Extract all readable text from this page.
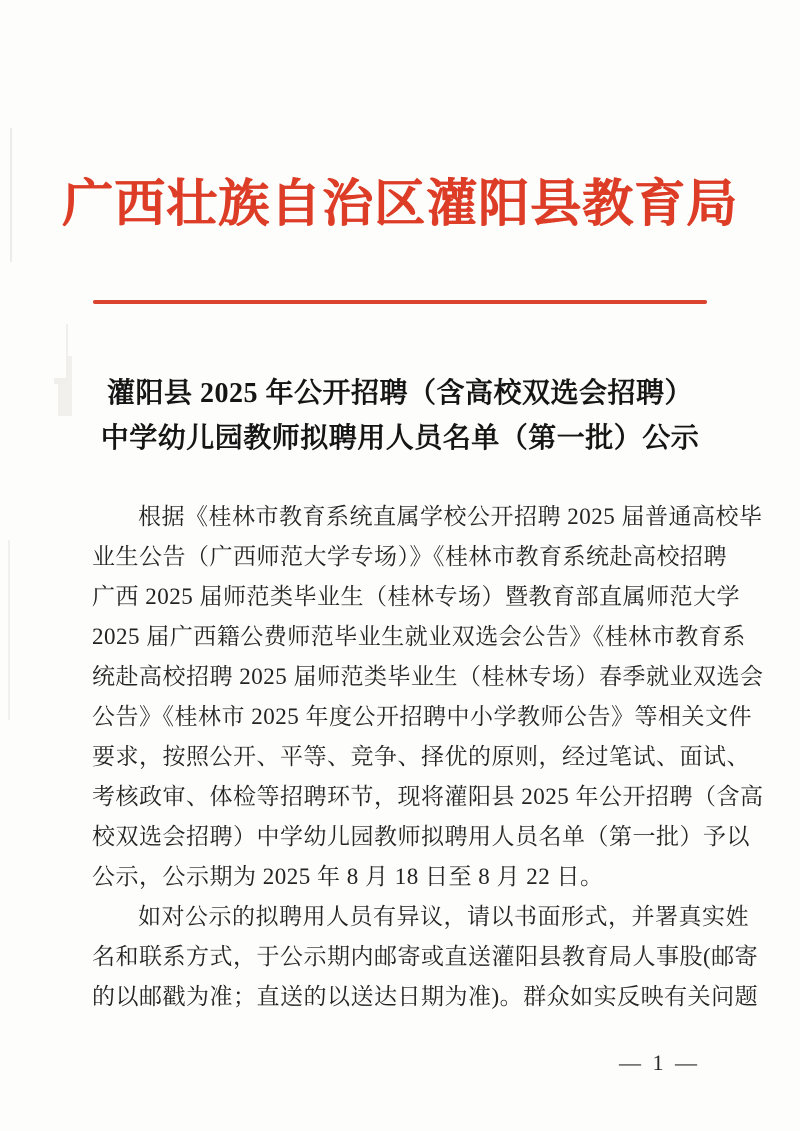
广西壮族自治区灌阳县教育局
灌阳县 2025 年公开招聘（含高校双选会招聘）
中学幼儿园教师拟聘用人员名单（第一批）公示
根据《桂林市教育系统直属学校公开招聘 2025 届普通高校毕
业生公告（广西师范大学专场）》《桂林市教育系统赴高校招聘
广西 2025 届师范类毕业生（桂林专场）暨教育部直属师范大学
2025 届广西籍公费师范毕业生就业双选会公告》《桂林市教育系
统赴高校招聘 2025 届师范类毕业生（桂林专场）春季就业双选会
公告》《桂林市 2025 年度公开招聘中小学教师公告》等相关文件
要求，按照公开、平等、竞争、择优的原则，经过笔试、面试、
考核政审、体检等招聘环节，现将灌阳县 2025 年公开招聘（含高
校双选会招聘）中学幼儿园教师拟聘用人员名单（第一批）予以
公示，公示期为 2025 年 8 月 18 日至 8 月 22 日。
如对公示的拟聘用人员有异议，请以书面形式，并署真实姓
名和联系方式，于公示期内邮寄或直送灌阳县教育局人事股(邮寄
的以邮戳为准；直送的以送达日期为准)。群众如实反映有关问题
— 1 —
